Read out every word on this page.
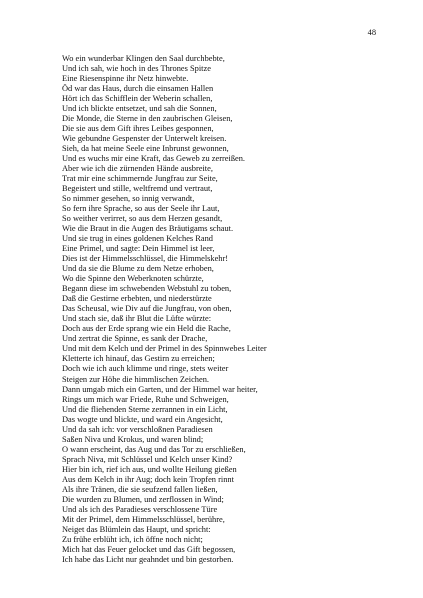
48
Wo ein wunderbar Klingen den Saal durchbebte,
Und ich sah, wie hoch in des Thrones Spitze
Eine Riesenspinne ihr Netz hinwebte.
Öd war das Haus, durch die einsamen Hallen
Hört ich das Schifflein der Weberin schallen,
Und ich blickte entsetzet, und sah die Sonnen,
Die Monde, die Sterne in den zaubrischen Gleisen,
Die sie aus dem Gift ihres Leibes gesponnen,
Wie gebundne Gespenster der Unterwelt kreisen.
Sieh, da hat meine Seele eine Inbrunst gewonnen,
Und es wuchs mir eine Kraft, das Geweb zu zerreißen.
Aber wie ich die zürnenden Hände ausbreite,
Trat mir eine schimmernde Jungfrau zur Seite,
Begeistert und stille, weltfremd und vertraut,
So nimmer gesehen, so innig verwandt,
So fern ihre Sprache, so aus der Seele ihr Laut,
So weither verirret, so aus dem Herzen gesandt,
Wie die Braut in die Augen des Bräutigams schaut.
Und sie trug in eines goldenen Kelches Rand
Eine Primel, und sagte: Dein Himmel ist leer,
Dies ist der Himmelsschlüssel, die Himmelskehr!
Und da sie die Blume zu dem Netze erhoben,
Wo die Spinne den Weberknoten schürzte,
Begann diese im schwebenden Webstuhl zu toben,
Daß die Gestirne erbebten, und niederstürzte
Das Scheusal, wie Div auf die Jungfrau, von oben,
Und stach sie, daß ihr Blut die Lüfte würzte:
Doch aus der Erde sprang wie ein Held die Rache,
Und zertrat die Spinne, es sank der Drache,
Und mit dem Kelch und der Primel in des Spinnwebes Leiter
Kletterte ich hinauf, das Gestirn zu erreichen;
Doch wie ich auch klimme und ringe, stets weiter
Steigen zur Höhe die himmlischen Zeichen.
Dann umgab mich ein Garten, und der Himmel war heiter,
Rings um mich war Friede, Ruhe und Schweigen,
Und die fliehenden Sterne zerrannen in ein Licht,
Das wogte und blickte, und ward ein Angesicht,
Und da sah ich: vor verschloßnen Paradiesen
Saßen Niva und Krokus, und waren blind;
O wann erscheint, das Aug und das Tor zu erschließen,
Sprach Niva, mit Schlüssel und Kelch unser Kind?
Hier bin ich, rief ich aus, und wollte Heilung gießen
Aus dem Kelch in ihr Aug; doch kein Tropfen rinnt
Als ihre Tränen, die sie seufzend fallen ließen,
Die wurden zu Blumen, und zerflossen in Wind;
Und als ich des Paradieses verschlossene Türe
Mit der Primel, dem Himmelsschlüssel, berühre,
Neiget das Blümlein das Haupt, und spricht:
Zu frühe erblüht ich, ich öffne noch nicht;
Mich hat das Feuer gelocket und das Gift begossen,
Ich habe das Licht nur geahndet und bin gestorben.
